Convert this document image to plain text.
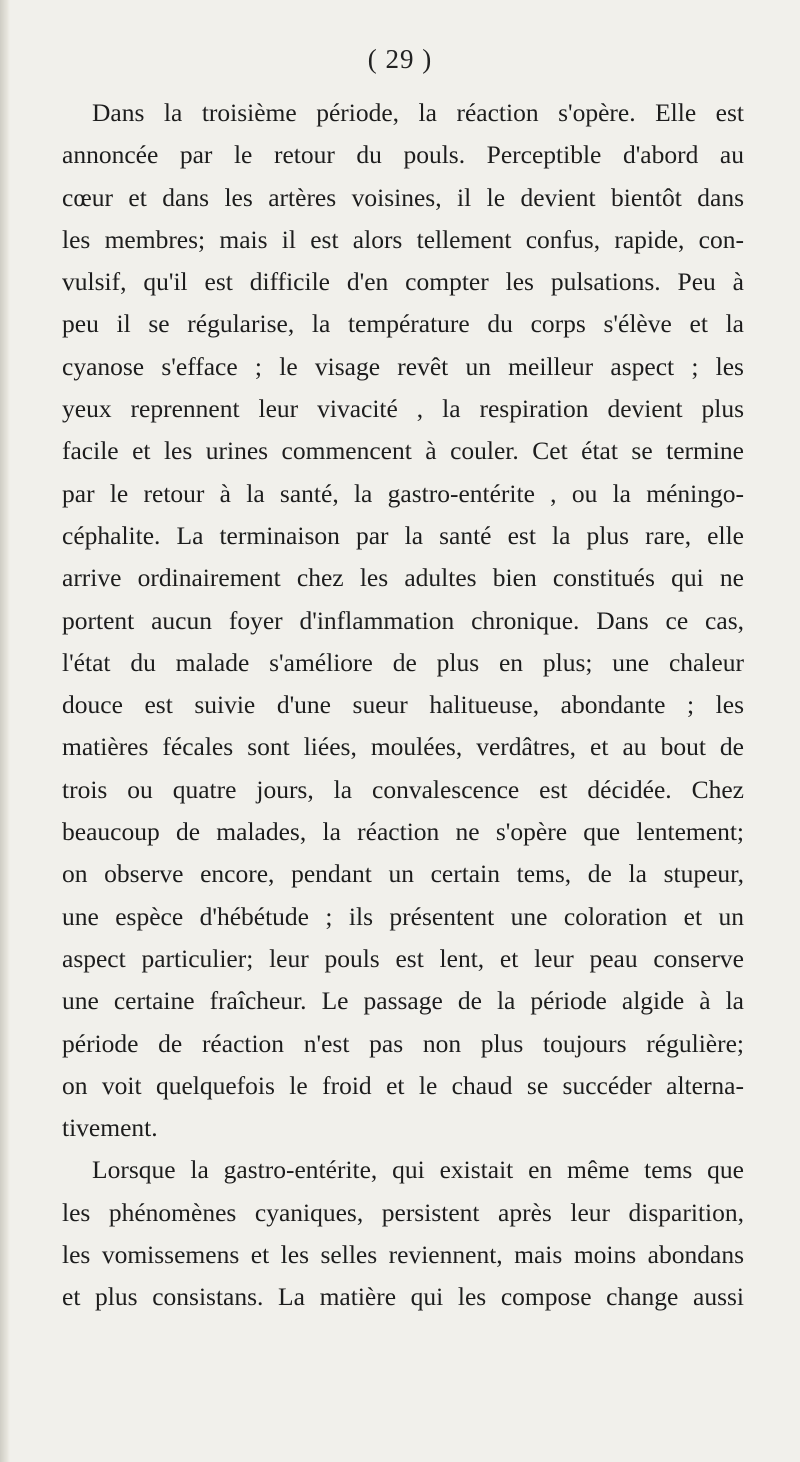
( 29 )
Dans la troisième période, la réaction s'opère. Elle est
annoncée par le retour du pouls. Perceptible d'abord au
cœur et dans les artères voisines, il le devient bientôt dans
les membres; mais il est alors tellement confus, rapide, con-
vulsif, qu'il est difficile d'en compter les pulsations. Peu à
peu il se régularise, la température du corps s'élève et la
cyanose s'efface ; le visage revêt un meilleur aspect ; les
yeux reprennent leur vivacité , la respiration devient plus
facile et les urines commencent à couler. Cet état se termine
par le retour à la santé, la gastro-entérite , ou la méningo-
céphalite. La terminaison par la santé est la plus rare, elle
arrive ordinairement chez les adultes bien constitués qui ne
portent aucun foyer d'inflammation chronique. Dans ce cas,
l'état du malade s'améliore de plus en plus; une chaleur
douce est suivie d'une sueur halitueuse, abondante ; les
matières fécales sont liées, moulées, verdâtres, et au bout de
trois ou quatre jours, la convalescence est décidée. Chez
beaucoup de malades, la réaction ne s'opère que lentement;
on observe encore, pendant un certain tems, de la stupeur,
une espèce d'hébétude ; ils présentent une coloration et un
aspect particulier; leur pouls est lent, et leur peau conserve
une certaine fraîcheur. Le passage de la période algide à la
période de réaction n'est pas non plus toujours régulière;
on voit quelquefois le froid et le chaud se succéder alterna-
tivement.
Lorsque la gastro-entérite, qui existait en même tems que
les phénomènes cyaniques, persistent après leur disparition,
les vomissemens et les selles reviennent, mais moins abondans
et plus consistans. La matière qui les compose change aussi
